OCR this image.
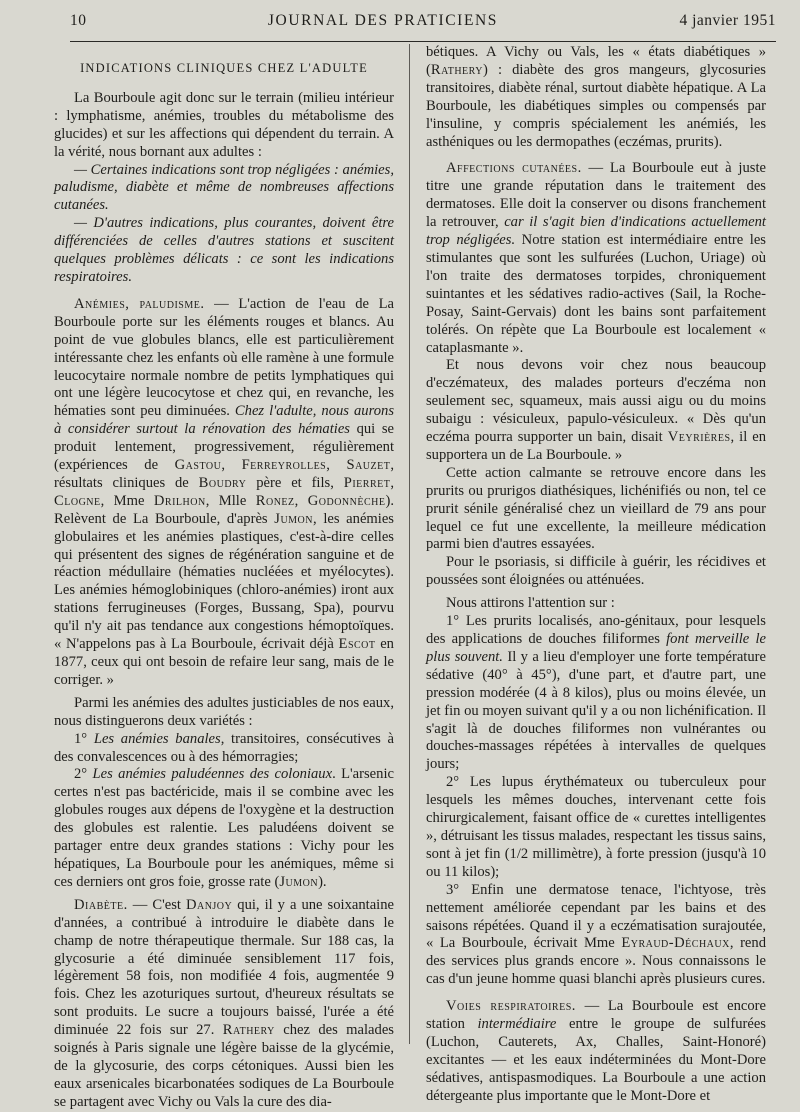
10	JOURNAL DES PRATICIENS	4 janvier 1951
INDICATIONS CLINIQUES CHEZ L'ADULTE

La Bourboule agit donc sur le terrain (milieu intérieur : lymphatisme, anémies, troubles du métabolisme des glucides) et sur les affections qui dépendent du terrain. A la vérité, nous bornant aux adultes :

— Certaines indications sont trop négligées : anémies, paludisme, diabète et même de nombreuses affections cutanées.

— D'autres indications, plus courantes, doivent être différenciées de celles d'autres stations et suscitent quelques problèmes délicats : ce sont les indications respiratoires.

Anémies, paludisme. — L'action de l'eau de La Bourboule porte sur les éléments rouges et blancs. Au point de vue globules blancs, elle est particulièrement intéressante chez les enfants où elle ramène à une formule leucocytaire normale nombre de petits lymphatiques qui ont une légère leucocytose et chez qui, en revanche, les hématies sont peu diminuées. Chez l'adulte, nous aurons à considérer surtout la rénovation des hématies qui se produit lentement, progressivement, régulièrement (expériences de Gastou, Ferreyrolles, Sauzet, résultats cliniques de Boudry père et fils, Pierret, Clogne, Mme Drilhon, Mlle Ronez, Godonnèche). Relèvent de La Bourboule, d'après Jumon, les anémies globulaires et les anémies plastiques, c'est-à-dire celles qui présentent des signes de régénération sanguine et de réaction médullaire (hématies nucléées et myélocytes). Les anémies hémoglobiniques (chloro-anémies) iront aux stations ferrugineuses (Forges, Bussang, Spa), pourvu qu'il n'y ait pas tendance aux congestions hémoptoïques. « N'appelons pas à La Bourboule, écrivait déjà Escot en 1877, ceux qui ont besoin de refaire leur sang, mais de le corriger. »

Parmi les anémies des adultes justiciables de nos eaux, nous distinguerons deux variétés :

1° Les anémies banales, transitoires, consécutives à des convalescences ou à des hémorragies;

2° Les anémies paludéennes des coloniaux. L'arsenic certes n'est pas bactéricide, mais il se combine avec les globules rouges aux dépens de l'oxygène et la destruction des globules est ralentie. Les paludéens doivent se partager entre deux grandes stations : Vichy pour les hépatiques, La Bourboule pour les anémiques, même si ces derniers ont gros foie, grosse rate (Jumon).

Diabète. — C'est Danjoy qui, il y a une soixantaine d'années, a contribué à introduire le diabète dans le champ de notre thérapeutique thermale. Sur 188 cas, la glycosurie a été diminuée sensiblement 117 fois, légèrement 58 fois, non modifiée 4 fois, augmentée 9 fois. Chez les azoturiques surtout, d'heureux résultats se sont produits. Le sucre a toujours baissé, l'urée a été diminuée 22 fois sur 27. Rathery chez des malades soignés à Paris signale une légère baisse de la glycémie, de la glycosurie, des corps cétoniques. Aussi bien les eaux arsenicales bicarbonatées sodiques de La Bourboule se partagent avec Vichy ou Vals la cure des dia-

bétiques. A Vichy ou Vals, les « états diabétiques » (Rathery) : diabète des gros mangeurs, glycosuries transitoires, diabète rénal, surtout diabète hépatique. A La Bourboule, les diabétiques simples ou compensés par l'insuline, y compris spécialement les anémiés, les asthéniques ou les dermopathes (eczémas, prurits).

Affections cutanées. — La Bourboule eut à juste titre une grande réputation dans le traitement des dermatoses. Elle doit la conserver ou disons franchement la retrouver, car il s'agit bien d'indications actuellement trop négligées. Notre station est intermédiaire entre les stimulantes que sont les sulfurées (Luchon, Uriage) où l'on traite des dermatoses torpides, chroniquement suintantes et les sédatives radio-actives (Sail, la Roche-Posay, Saint-Gervais) dont les bains sont parfaitement tolérés. On répète que La Bourboule est localement « cataplasmante ».

Et nous devons voir chez nous beaucoup d'eczémateux, des malades porteurs d'eczéma non seulement sec, squameux, mais aussi aigu ou du moins subaigu : vésiculeux, papulo-vésiculeux. « Dès qu'un eczéma pourra supporter un bain, disait Veyrières, il en supportera un de La Bourboule. »

Cette action calmante se retrouve encore dans les prurits ou prurigos diathésiques, lichénifiés ou non, tel ce prurit sénile généralisé chez un vieillard de 79 ans pour lequel ce fut une excellente, la meilleure médication parmi bien d'autres essayées.

Pour le psoriasis, si difficile à guérir, les récidives et poussées sont éloignées ou atténuées.

Nous attirons l'attention sur :

1° Les prurits localisés, ano-génitaux, pour lesquels des applications de douches filiformes font merveille le plus souvent. Il y a lieu d'employer une forte température sédative (40° à 45°), d'une part, et d'autre part, une pression modérée (4 à 8 kilos), plus ou moins élevée, un jet fin ou moyen suivant qu'il y a ou non lichénification. Il s'agit là de douches filiformes non vulnérantes ou douches-massages répétées à intervalles de quelques jours;

2° Les lupus érythémateux ou tuberculeux pour lesquels les mêmes douches, intervenant cette fois chirurgicalement, faisant office de « curettes intelligentes », détruisant les tissus malades, respectant les tissus sains, sont à jet fin (1/2 millimètre), à forte pression (jusqu'à 10 ou 11 kilos);

3° Enfin une dermatose tenace, l'ichtyose, très nettement améliorée cependant par les bains et des saisons répétées. Quand il y a eczématisation surajoutée, « La Bourboule, écrivait Mme Eyraud-Déchaux, rend des services plus grands encore ». Nous connaissons le cas d'un jeune homme quasi blanchi après plusieurs cures.

Voies respiratoires. — La Bourboule est encore station intermédiaire entre le groupe de sulfurées (Luchon, Cauterets, Ax, Challes, Saint-Honoré) excitantes — et les eaux indéterminées du Mont-Dore sédatives, antispasmodiques. La Bourboule a une action détergeante plus importante que le Mont-Dore et
